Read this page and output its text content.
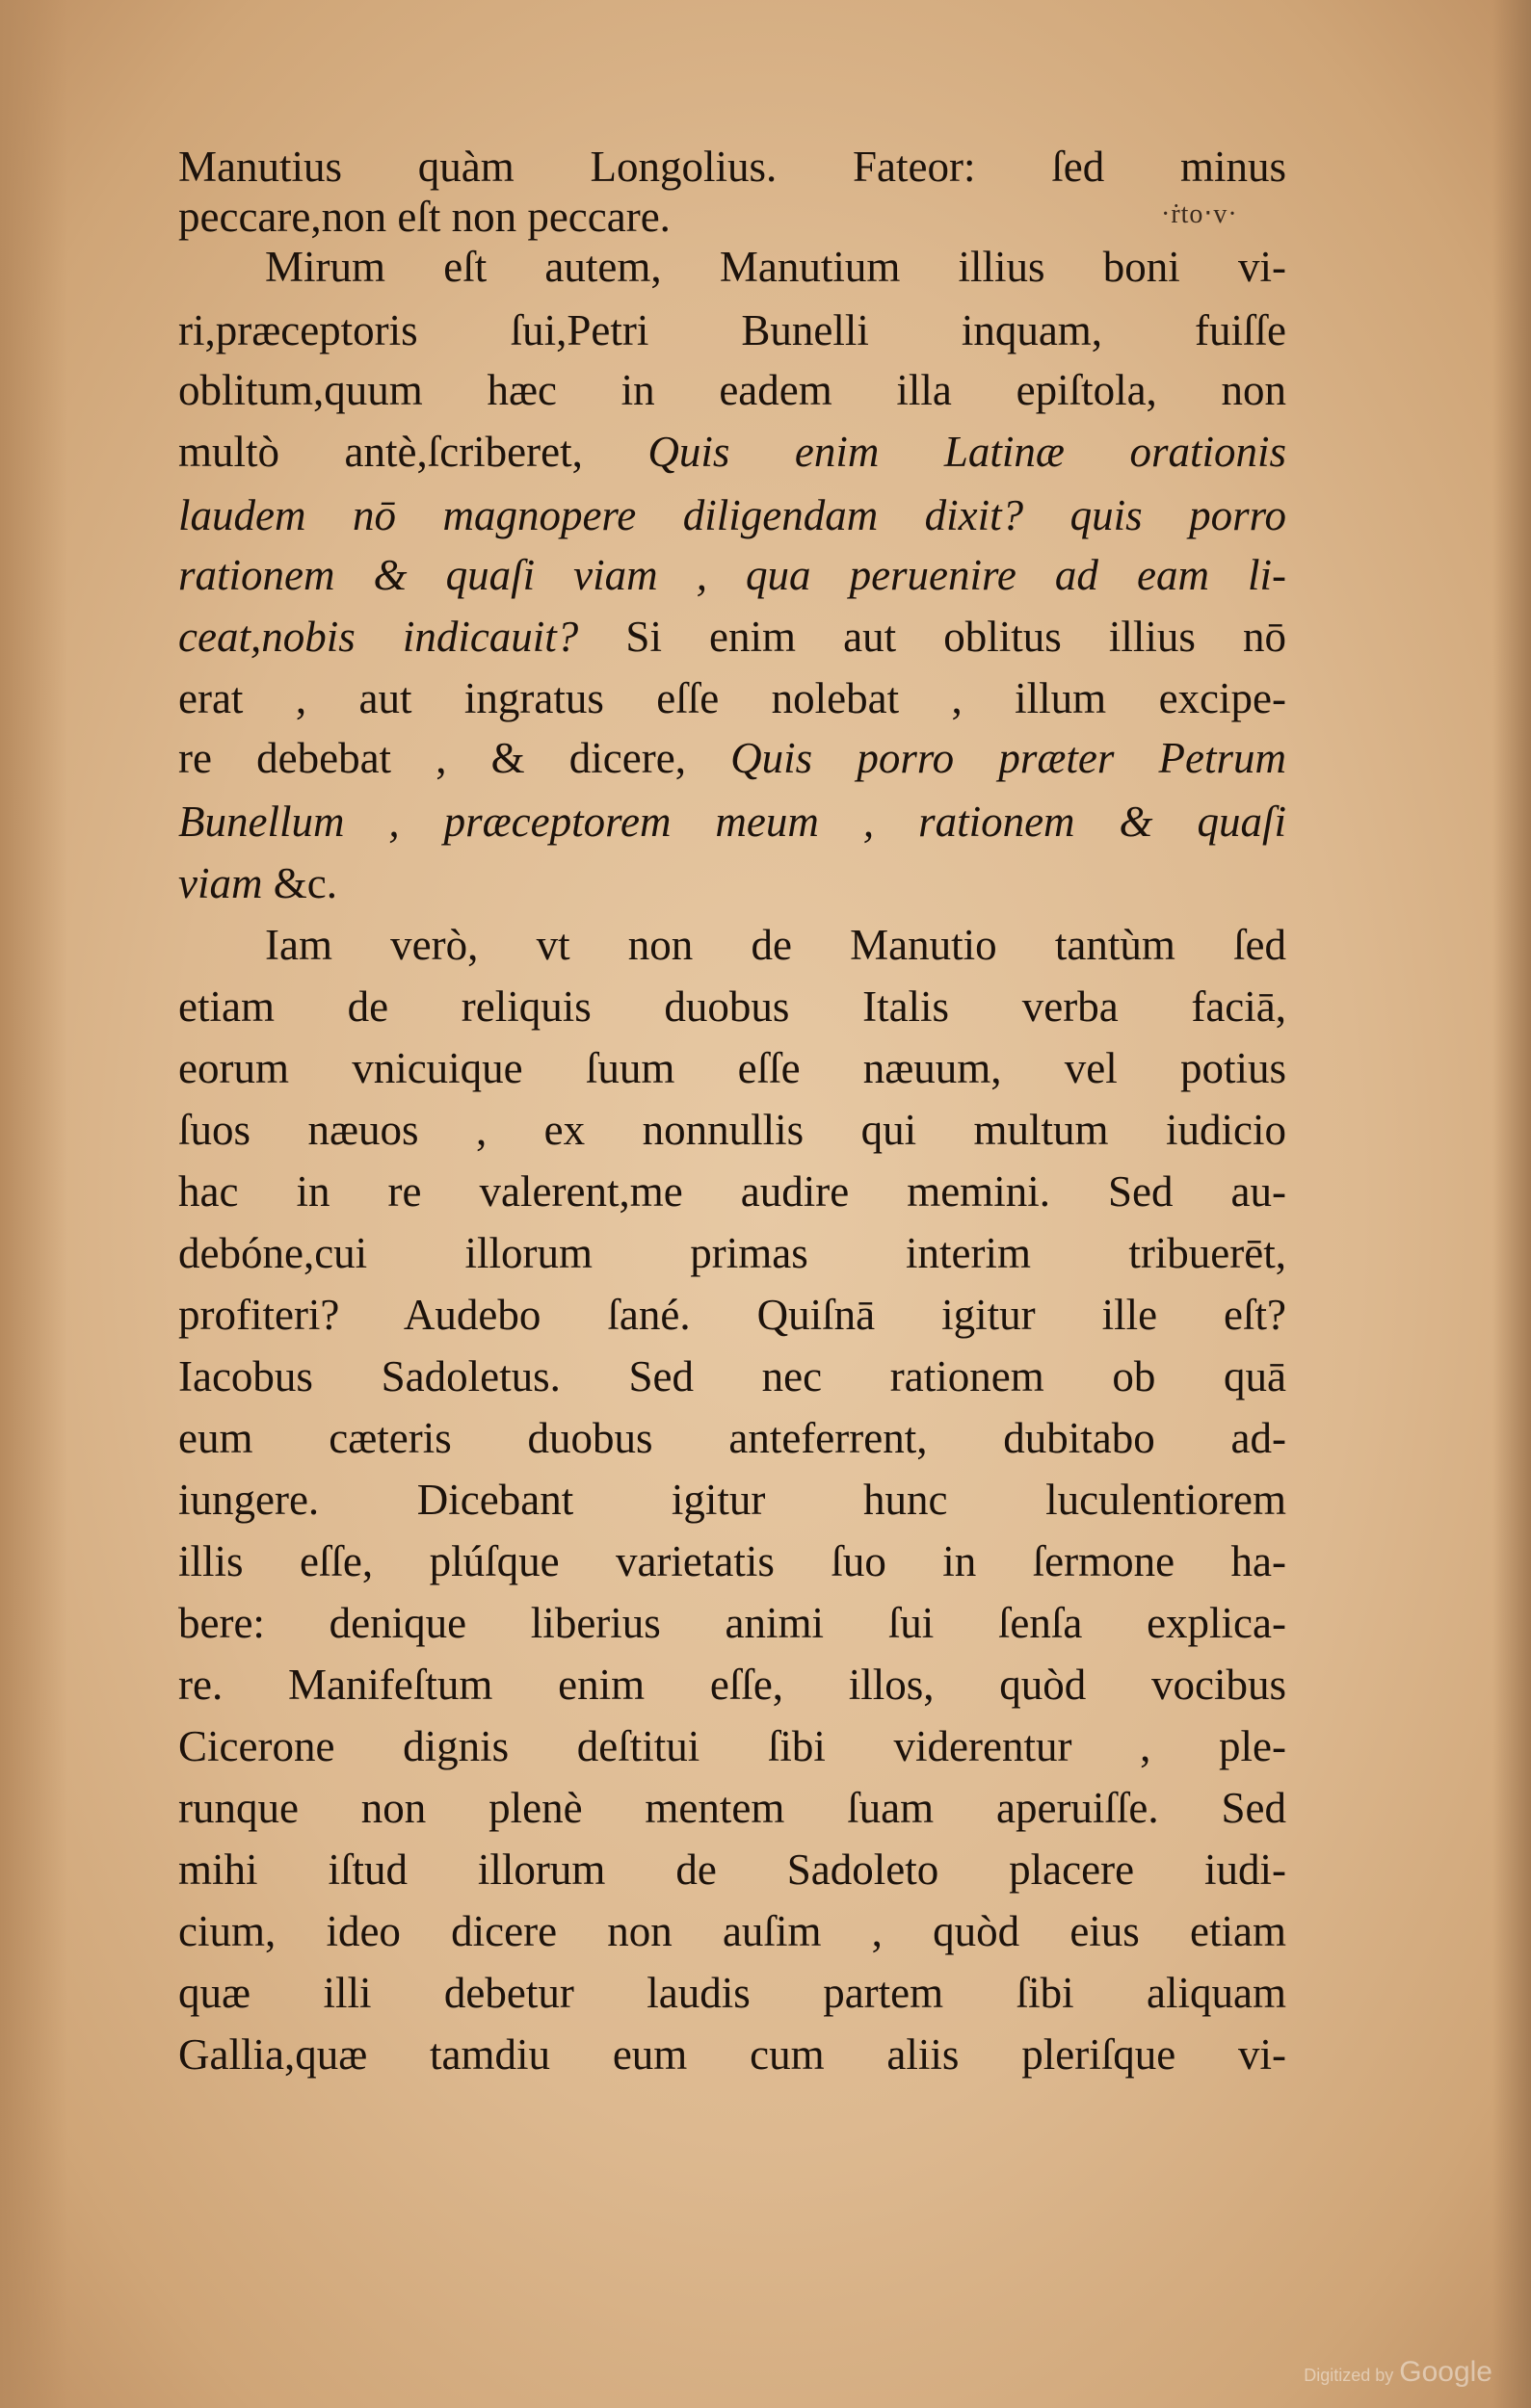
Manutius quàm Longolius. Fateor: ſed minus
peccare,non eſt non peccare.
Mirum eſt autem, Manutium illius boni vi-
ri,præceptoris ſui,Petri Bunelli inquam, fuiſſe
oblitum,quum hæc in eadem illa epiſtola, non
multò antè,ſcriberet, Quis enim Latinæ orationis
laudem nō magnopere diligendam dixit? quis porro
rationem & quaſi viam , qua peruenire ad eam li-
ceat,nobis indicauit? Si enim aut oblitus illius nō
erat , aut ingratus eſſe nolebat , illum excipe-
re debebat , & dicere, Quis porro præter Petrum
Bunellum , præceptorem meum , rationem & quaſi
viam &c.
Iam verò, vt non de Manutio tantùm ſed
etiam de reliquis duobus Italis verba faciā,
eorum vnicuique ſuum eſſe næuum, vel potius
ſuos næuos , ex nonnullis qui multum iudicio
hac in re valerent,me audire memini. Sed au-
debóne,cui illorum primas interim tribuerēt,
profiteri? Audebo ſané. Quiſnā igitur ille eſt?
Iacobus Sadoletus. Sed nec rationem ob quā
eum cæteris duobus anteferrent, dubitabo ad-
iungere. Dicebant igitur hunc luculentiorem
illis eſſe, plúſque varietatis ſuo in ſermone ha-
bere: denique liberius animi ſui ſenſa explica-
re. Manifeſtum enim eſſe, illos, quòd vocibus
Cicerone dignis deſtitui ſibi viderentur , ple-
runque non plenè mentem ſuam aperuiſſe. Sed
mihi iſtud illorum de Sadoleto placere iudi-
cium, ideo dicere non auſim , quòd eius etiam
quæ illi debetur laudis partem ſibi aliquam
Gallia,quæ tamdiu eum cum aliis pleriſque vi-
·ṙto‧v·
Digitized by Google
